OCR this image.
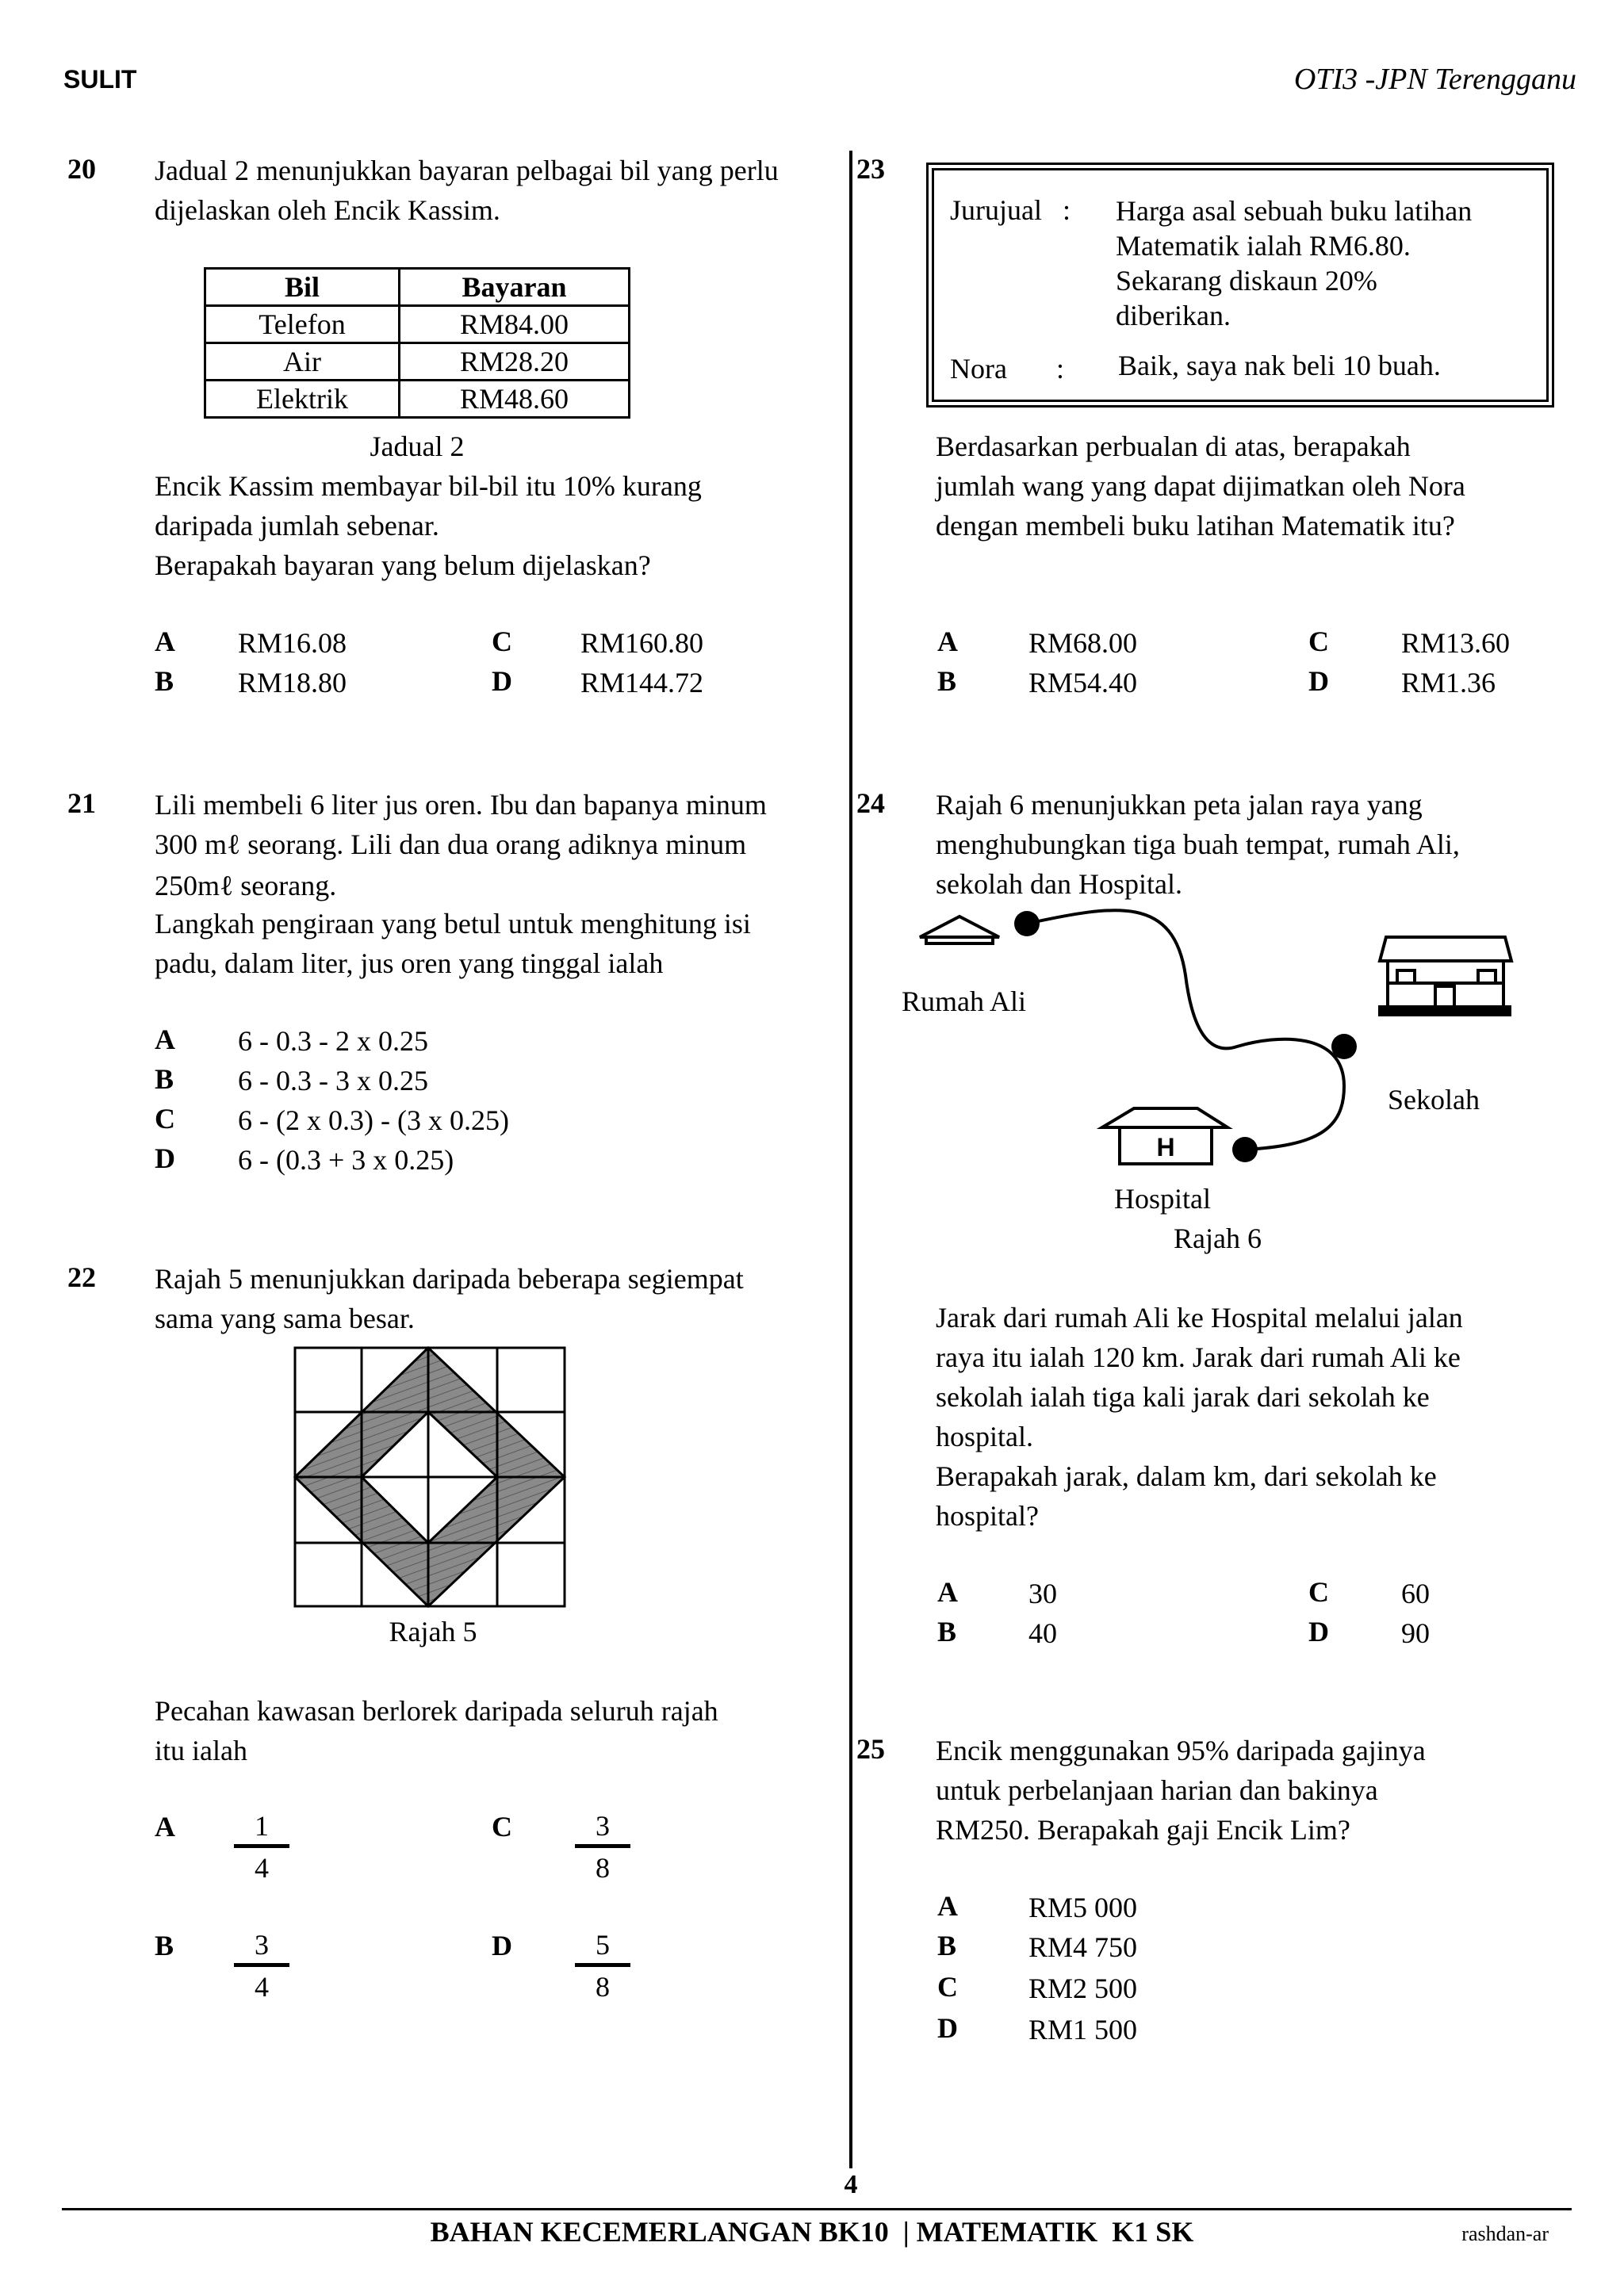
SULIT	OTI3 -JPN Terengganu
20 Jadual 2 menunjukkan bayaran pelbagai bil yang perlu
dijelaskan oleh Encik Kassim.
Bil	Bayaran
Telefon	RM84.00
Air	RM28.20
Elektrik	RM48.60
Jadual 2
Encik Kassim membayar bil-bil itu 10% kurang
daripada jumlah sebenar.
Berapakah bayaran yang belum dijelaskan?
A RM16.08	C RM160.80
B RM18.80	D RM144.72
21 Lili membeli 6 liter jus oren. Ibu dan bapanya minum
300 mℓ seorang. Lili dan dua orang adiknya minum
250mℓ seorang.
Langkah pengiraan yang betul untuk menghitung isi
padu, dalam liter, jus oren yang tinggal ialah
A 6 - 0.3 - 2 x 0.25
B 6 - 0.3 - 3 x 0.25
C 6 - (2 x 0.3) - (3 x 0.25)
D 6 - (0.3 + 3 x 0.25)
22 Rajah 5 menunjukkan daripada beberapa segiempat
sama yang sama besar.
Rajah 5
Pecahan kawasan berlorek daripada seluruh rajah
itu ialah
A	1
4
C	3
8
B	3
4
D	5
8
23
Jurujual : Harga asal sebuah buku latihan
Matematik ialah RM6.80.
Sekarang diskaun 20%
diberikan.
Nora : Baik, saya nak beli 10 buah.
Berdasarkan perbualan di atas, berapakah
jumlah wang yang dapat dijimatkan oleh Nora
dengan membeli buku latihan Matematik itu?
A RM68.00	C	RM13.60
B	RM54.40	D	RM1.36
24 Rajah 6 menunjukkan peta jalan raya yang
menghubungkan tiga buah tempat, rumah Ali,
sekolah dan Hospital.
H
Rumah Ali
Sekolah
Hospital
Rajah 6
Jarak dari rumah Ali ke Hospital melalui jalan
raya itu ialah 120 km. Jarak dari rumah Ali ke
sekolah ialah tiga kali jarak dari sekolah ke
hospital.
Berapakah jarak, dalam km, dari sekolah ke
hospital?
A 30	C	60
B	40	D	90
25 Encik menggunakan 95% daripada gajinya
untuk perbelanjaan harian dan bakinya
RM250. Berapakah gaji Encik Lim?
A RM5 000
B	RM4 750
C RM2 500
D RM1 500
4
BAHAN KECEMERLANGAN BK10  | MATEMATIK  K1 SK	rashdan-ar
